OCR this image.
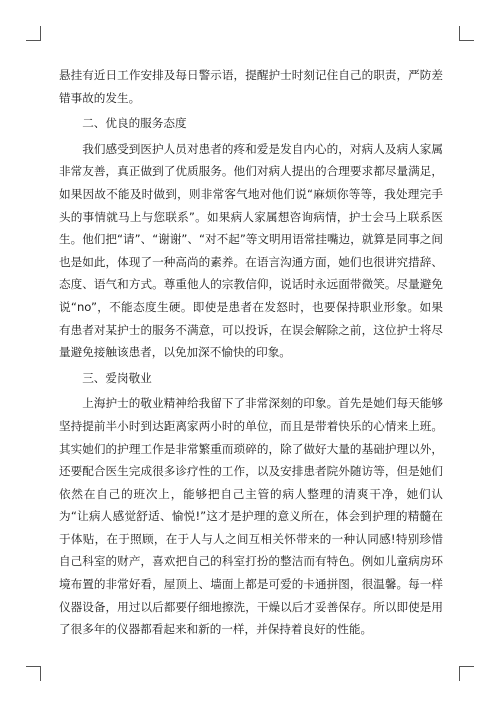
悬挂有近日工作安排及每日警示语，提醒护士时刻记住自己的职责，严防差错事故的发生。

二、优良的服务态度

我们感受到医护人员对患者的疼和爱是发自内心的，对病人及病人家属非常友善，真正做到了优质服务。他们对病人提出的合理要求都尽量满足，如果因故不能及时做到，则非常客气地对他们说“麻烦你等等，我处理完手头的事情就马上与您联系”。如果病人家属想咨询病情，护士会马上联系医生。他们把“请”、“谢谢”、“对不起”等文明用语常挂嘴边，就算是同事之间也是如此，体现了一种高尚的素养。在语言沟通方面，她们也很讲究措辞、态度、语气和方式。尊重他人的宗教信仰，说话时永远面带微笑。尽量避免说“no”，不能态度生硬。即使是患者在发怒时，也要保持职业形象。如果有患者对某护士的服务不满意，可以投诉，在误会解除之前，这位护士将尽量避免接触该患者，以免加深不愉快的印象。

三、爱岗敬业

上海护士的敬业精神给我留下了非常深刻的印象。首先是她们每天能够坚持提前半小时到达距离家两小时的单位，而且是带着快乐的心情来上班。其实她们的护理工作是非常繁重而琐碎的，除了做好大量的基础护理以外，还要配合医生完成很多诊疗性的工作，以及安排患者院外随访等，但是她们依然在自己的班次上，能够把自己主管的病人整理的清爽干净，她们认为“让病人感觉舒适、愉悦!”这才是护理的意义所在，体会到护理的精髓在于体贴，在于照顾，在于人与人之间互相关怀带来的一种认同感!特别珍惜自己科室的财产，喜欢把自己的科室打扮的整洁而有特色。例如儿童病房环境布置的非常好看，屋顶上、墙面上都是可爱的卡通拼图，很温馨。每一样仪器设备，用过以后都要仔细地擦洗，干燥以后才妥善保存。所以即使是用了很多年的仪器都看起来和新的一样，并保持着良好的性能。
